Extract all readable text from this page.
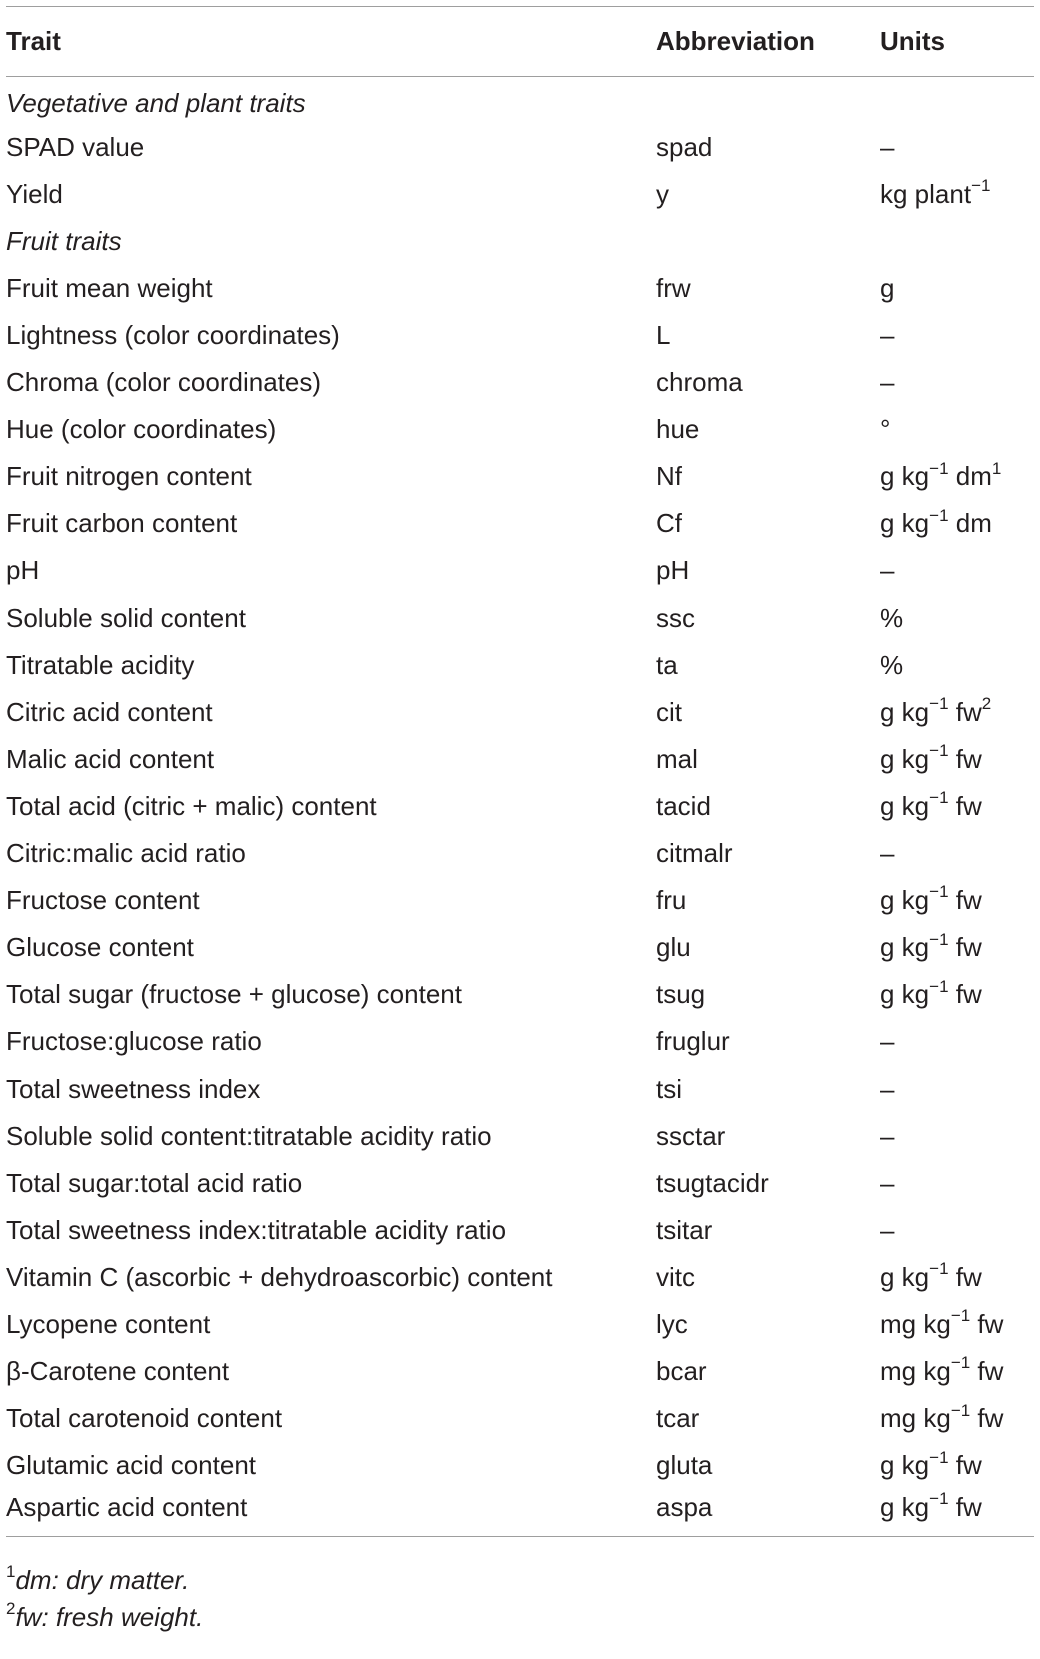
Trait	Abbreviation	Units
Vegetative and plant traits		
SPAD value	spad	–
Yield	y	kg plant$^{-1}$
Fruit traits		
Fruit mean weight	frw	g
Lightness (color coordinates)	L	–
Chroma (color coordinates)	chroma	–
Hue (color coordinates)	hue	°
Fruit nitrogen content	Nf	g $kg^{-1}$ $dm^1$
Fruit carbon content	Cf	g $kg^{-1}$ dm
pH	pH	–
Soluble solid content	ssc	%
Titratable acidity	ta	%
Citric acid content	cit	g $kg^{-1}$ $fw^2$
Malic acid content	mal	g $kg^{-1}$ fw
Total acid (citric + malic) content	tacid	g $kg^{-1}$ fw
Citric:malic acid ratio	citmalr	–
Fructose content	fru	g $kg^{-1}$ fw
Glucose content	glu	g $kg^{-1}$ fw
Total sugar (fructose + glucose) content	tsug	g $kg^{-1}$ fw
Fructose:glucose ratio	fruglur	–
Total sweetness index	tsi	–
Soluble solid content:titratable acidity ratio	ssctar	–
Total sugar:total acid ratio	tsugtacidr	–
Total sweetness index:titratable acidity ratio	tsitar	–
Vitamin C (ascorbic + dehydroascorbic) content	vitc	g $kg^{-1}$ fw
Lycopene content	lyc	mg $kg^{-1}$ fw
β-Carotene content	bcar	mg $kg^{-1}$ fw
Total carotenoid content	tcar	mg $kg^{-1}$ fw
Glutamic acid content	gluta	g $kg^{-1}$ fw
Aspartic acid content	aspa	g $kg^{-1}$ fw
$^1$dm: dry matter.
$^2$fw: fresh weight.
